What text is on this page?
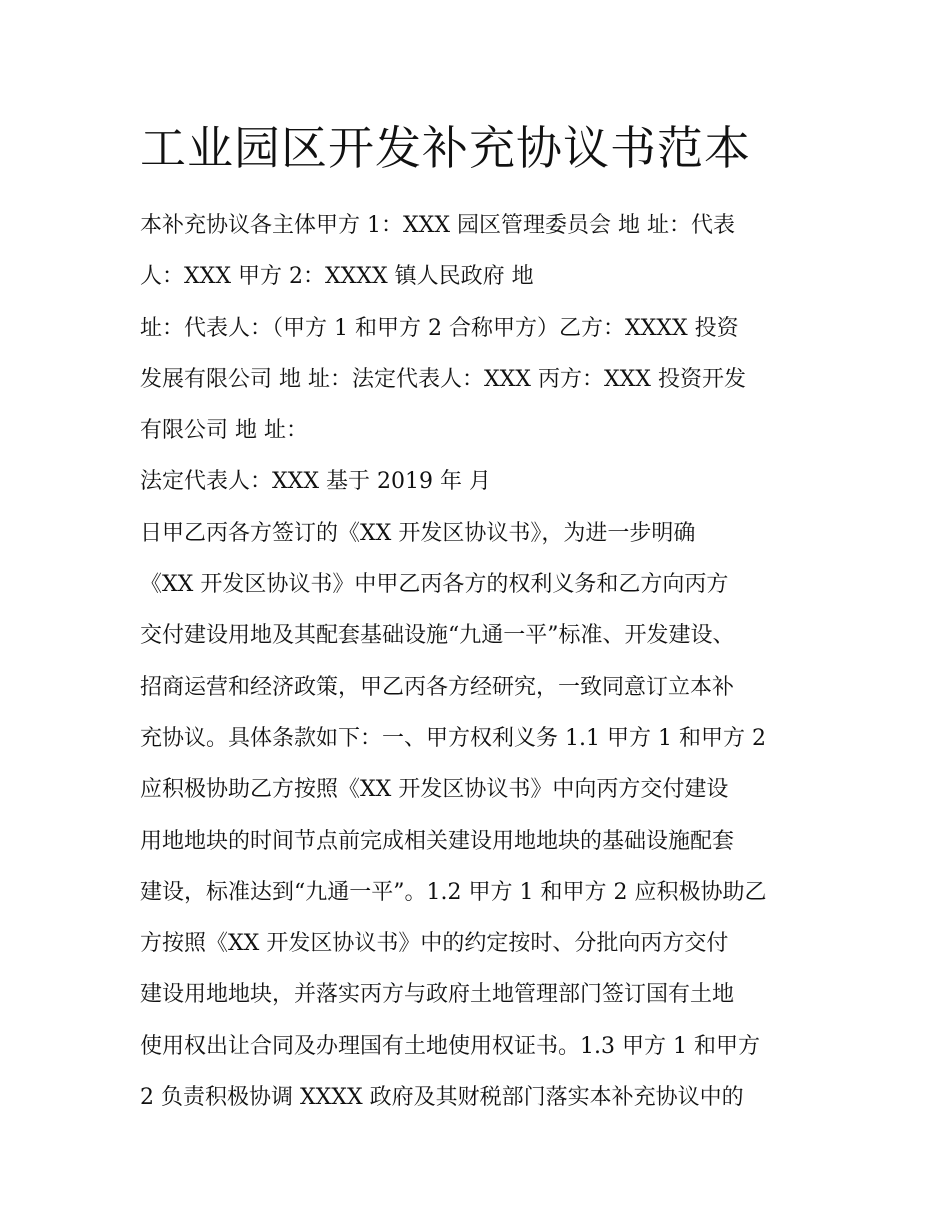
工业园区开发补充协议书范本
本补充协议各主体甲方 1：XXX 园区管理委员会 地 址：代表
人：XXX 甲方 2：XXXX 镇人民政府 地
址：代表人：（甲方 1 和甲方 2 合称甲方）乙方：XXXX 投资
发展有限公司 地 址：法定代表人：XXX 丙方：XXX 投资开发
有限公司 地 址：
法定代表人：XXX 基于 2019 年 月
日甲乙丙各方签订的《XX 开发区协议书》，为进一步明确
《XX 开发区协议书》中甲乙丙各方的权利义务和乙方向丙方
交付建设用地及其配套基础设施“九通一平”标准、开发建设、
招商运营和经济政策，甲乙丙各方经研究，一致同意订立本补
充协议。具体条款如下：一、甲方权利义务 1.1 甲方 1 和甲方 2
应积极协助乙方按照《XX 开发区协议书》中向丙方交付建设
用地地块的时间节点前完成相关建设用地地块的基础设施配套
建设，标准达到“九通一平”。1.2 甲方 1 和甲方 2 应积极协助乙
方按照《XX 开发区协议书》中的约定按时、分批向丙方交付
建设用地地块，并落实丙方与政府土地管理部门签订国有土地
使用权出让合同及办理国有土地使用权证书。1.3 甲方 1 和甲方
2 负责积极协调 XXXX 政府及其财税部门落实本补充协议中的
